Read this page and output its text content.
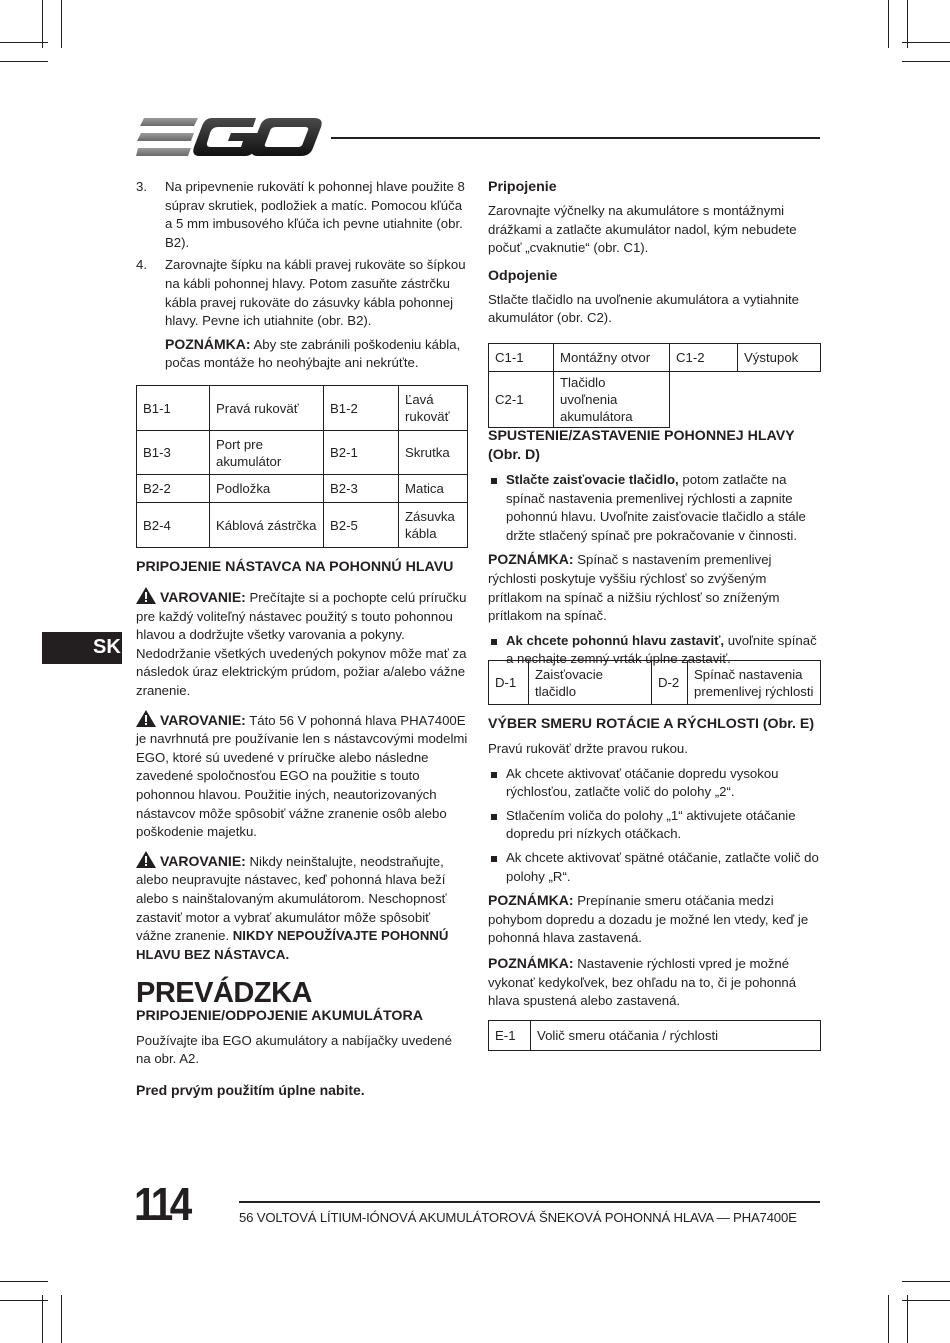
SK
3. Na pripevnenie rukovätí k pohonnej hlave použite 8 súprav skrutiek, podložiek a matíc. Pomocou kľúča a 5 mm imbusového kľúča ich pevne utiahnite (obr. B2).
4. Zarovnajte šípku na kábli pravej rukoväte so šípkou na kábli pohonnej hlavy. Potom zasuňte zástrčku kábla pravej rukoväte do zásuvky kábla pohonnej hlavy. Pevne ich utiahnite (obr. B2).

POZNÁMKA: Aby ste zabránili poškodeniu kábla, počas montáže ho neohýbajte ani nekrúťte.

B1-1	Pravá rukoväť	B1-2	Ľavá rukoväť
B1-3	Port pre akumulátor	B2-1	Skrutka
B2-2	Podložka	B2-3	Matica
B2-4	Káblová zástrčka	B2-5	Zásuvka kábla

PRIPOJENIE NÁSTAVCA NA POHONNÚ HLAVU

VAROVANIE: Prečítajte si a pochopte celú príručku pre každý voliteľný nástavec použitý s touto pohonnou hlavou a dodržujte všetky varovania a pokyny. Nedodržanie všetkých uvedených pokynov môže mať za následok úraz elektrickým prúdom, požiar a/alebo vážne zranenie.

VAROVANIE: Táto 56 V pohonná hlava PHA7400E je navrhnutá pre používanie len s nástavcovými modelmi EGO, ktoré sú uvedené v príručke alebo následne zavedené spoločnosťou EGO na použitie s touto pohonnou hlavou. Použitie iných, neautorizovaných nástavcov môže spôsobiť vážne zranenie osôb alebo poškodenie majetku.

VAROVANIE: Nikdy neinštalujte, neodstraňujte, alebo neupravujte nástavec, keď pohonná hlava beží alebo s nainštalovaným akumulátorom. Neschopnosť zastaviť motor a vybrať akumulátor môže spôsobiť vážne zranenie. NIKDY NEPOUŽÍVAJTE POHONNÚ HLAVU BEZ NÁSTAVCA.

PREVÁDZKA

PRIPOJENIE/ODPOJENIE AKUMULÁTORA

Používajte iba EGO akumulátory a nabíjačky uvedené na obr. A2.

Pred prvým použitím úplne nabite.

Pripojenie

Zarovnajte výčnelky na akumulátore s montážnymi drážkami a zatlačte akumulátor nadol, kým nebudete počuť „cvaknutie“ (obr. C1).

Odpojenie

Stlačte tlačidlo na uvoľnenie akumulátora a vytiahnite akumulátor (obr. C2).

C1-1	Montážny otvor	C1-2	Výstupok
C2-1	Tlačidlo uvoľnenia akumulátora		

SPUSTENIE/ZASTAVENIE POHONNEJ HLAVY (Obr. D)

Stlačte zaisťovacie tlačidlo, potom zatlačte na spínač nastavenia premenlivej rýchlosti a zapnite pohonnú hlavu. Uvoľnite zaisťovacie tlačidlo a stále držte stlačený spínač pre pokračovanie v činnosti.

POZNÁMKA: Spínač s nastavením premenlivej rýchlosti poskytuje vyššiu rýchlosť so zvýšeným prítlakom na spínač a nižšiu rýchlosť so zníženým prítlakom na spínač.

Ak chcete pohonnú hlavu zastaviť, uvoľnite spínač a nechajte zemný vrták úplne zastaviť.
D-1	Zaisťovacie tlačidlo	D-2	Spínač nastavenia premenlivej rýchlosti

VÝBER SMERU ROTÁCIE A RÝCHLOSTI (Obr. E)

Pravú rukoväť držte pravou rukou.

Ak chcete aktivovať otáčanie dopredu vysokou rýchlosťou, zatlačte volič do polohy „2“.
Stlačením voliča do polohy „1“ aktivujete otáčanie dopredu pri nízkych otáčkach.
Ak chcete aktivovať spätné otáčanie, zatlačte volič do polohy „R“.

POZNÁMKA: Prepínanie smeru otáčania medzi pohybom dopredu a dozadu je možné len vtedy, keď je pohonná hlava zastavená.

POZNÁMKA: Nastavenie rýchlosti vpred je možné vykonať kedykoľvek, bez ohľadu na to, či je pohonná hlava spustená alebo zastavená.

E-1	Volič smeru otáčania / rýchlosti
114	56 VOLTOVÁ LÍTIUM-IÓNOVÁ AKUMULÁTOROVÁ ŠNEKOVÁ POHONNÁ HLAVA — PHA7400E
